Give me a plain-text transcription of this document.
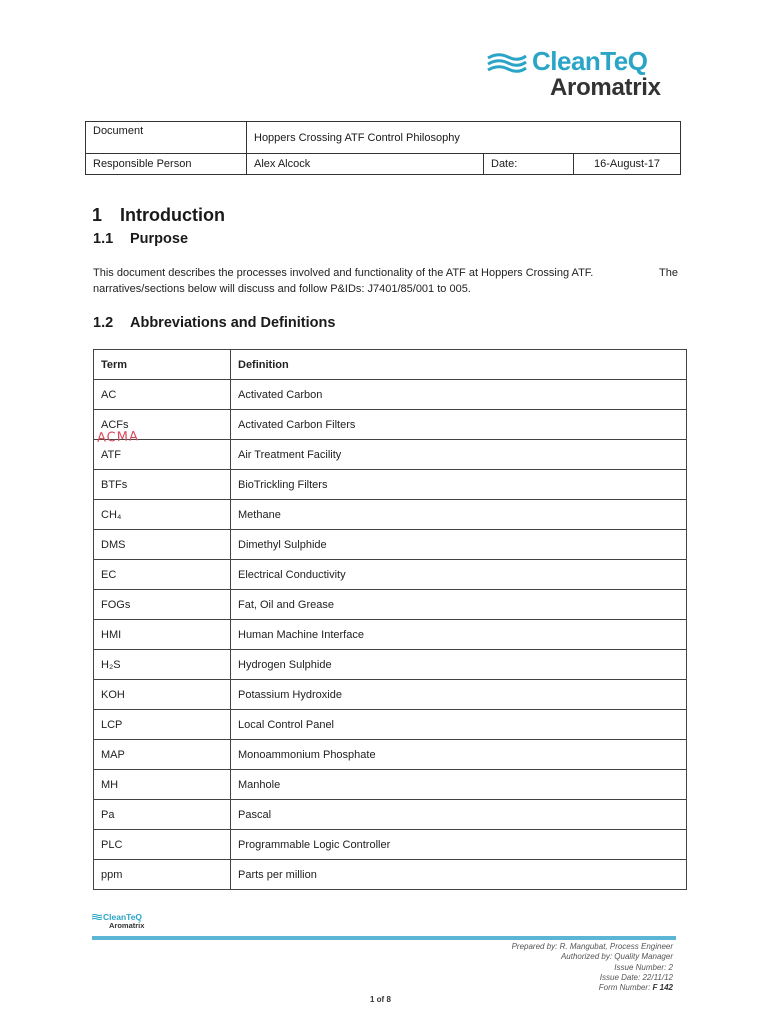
CleanTeQ
Aromatrix
Document	Hoppers Crossing ATF Control Philosophy		
Responsible Person	Alex Alcock	Date:	16-August-17
1 Introduction
1.1 Purpose
This document describes the processes involved and functionality of the ATF at Hoppers Crossing ATF.	The
narratives/sections below will discuss and follow P&IDs: J7401/85/001 to 005.
1.2 Abbreviations and Definitions
Term	Definition
AC	Activated Carbon
ACFs	Activated Carbon Filters
ATF	Air Treatment Facility
BTFs	BioTrickling Filters
CH₄	Methane
DMS	Dimethyl Sulphide
EC	Electrical Conductivity
FOGs	Fat, Oil and Grease
HMI	Human Machine Interface
H₂S	Hydrogen Sulphide
KOH	Potassium Hydroxide
LCP	Local Control Panel
MAP	Monoammonium Phosphate
MH	Manhole
Pa	Pascal
PLC	Programmable Logic Controller
ppm	Parts per million
ACMA
CleanTeQ
Aromatrix
Prepared by: R. Mangubat, Process Engineer
Authorized by: Quality Manager
Issue Number: 2
Issue Date: 22/11/12
Form Number: F 142
1 of 8
